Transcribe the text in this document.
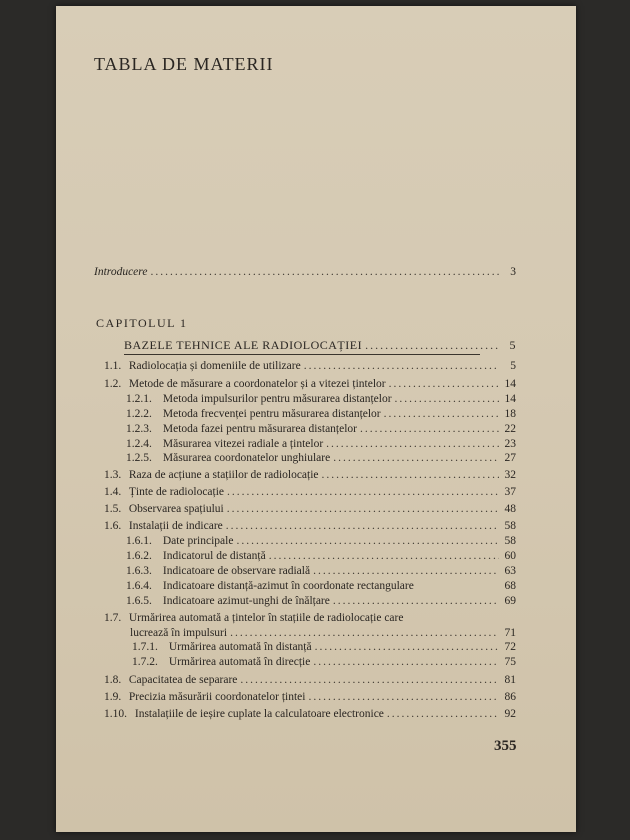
TABLA DE MATERII
Introducere .....	3
CAPITOLUL 1
BAZELE TEHNICE ALE RADIOLOCAȚIEI .....	5
1.1. Radiolocația și domeniile de utilizare .....	5
1.2. Metode de măsurare a coordonatelor și a vitezei țintelor .....	14
1.2.1. Metoda impulsurilor pentru măsurarea distanțelor .....	14
1.2.2. Metoda frecvenței pentru măsurarea distanțelor .....	18
1.2.3. Metoda fazei pentru măsurarea distanțelor .....	22
1.2.4. Măsurarea vitezei radiale a țintelor .....	23
1.2.5. Măsurarea coordonatelor unghiulare .....	27
1.3. Raza de acțiune a stațiilor de radiolocație .....	32
1.4. Ținte de radiolocație .....	37
1.5. Observarea spațiului .....	48
1.6. Instalații de indicare .....	58
1.6.1. Date principale .....	58
1.6.2. Indicatorul de distanță .....	60
1.6.3. Indicatoare de observare radială .....	63
1.6.4. Indicatoare distanță-azimut în coordonate rectangulare	68
1.6.5. Indicatoare azimut-unghi de înălțare .....	69
1.7. Urmărirea automată a țintelor în stațiile de radiolocație care
lucrează în impulsuri .....	71
1.7.1. Urmărirea automată în distanță .....	72
1.7.2. Urmărirea automată în direcție .....	75
1.8. Capacitatea de separare .....	81
1.9. Precizia măsurării coordonatelor țintei .....	86
1.10. Instalațiile de ieșire cuplate la calculatoare electronice .....	92
355
